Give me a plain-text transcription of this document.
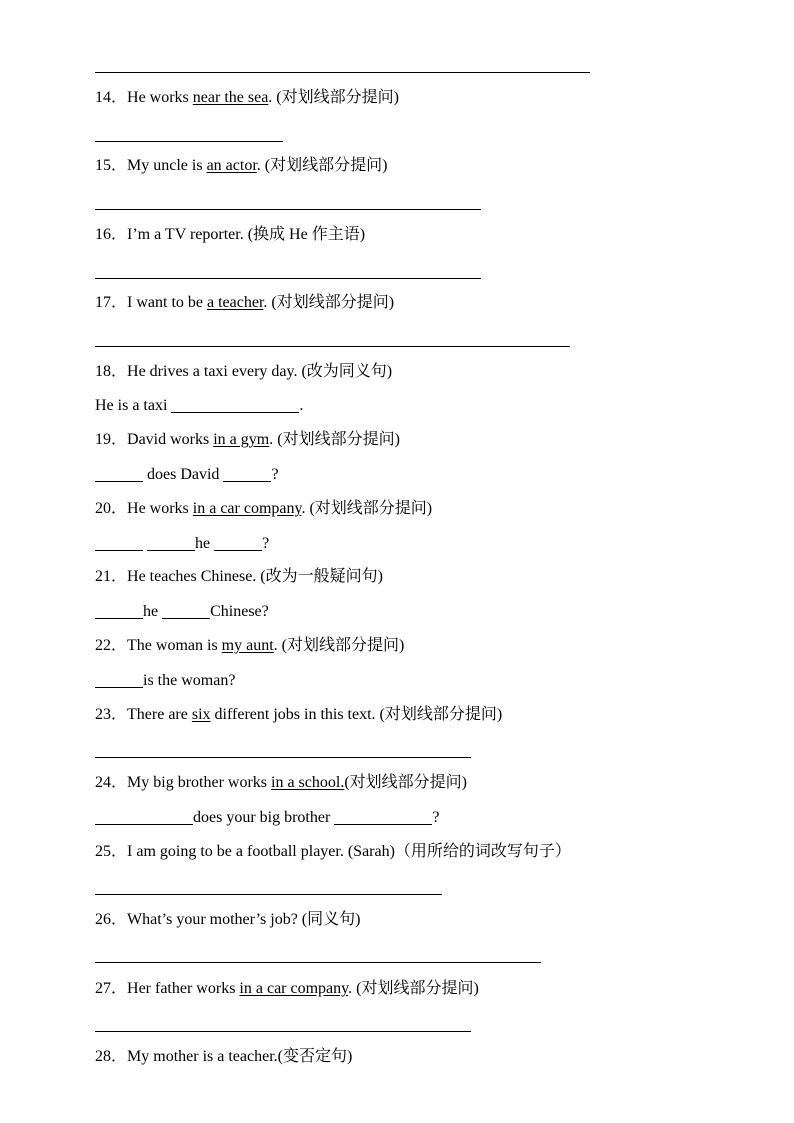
14．He works near the sea. (对划线部分提问)
15．My uncle is an actor. (对划线部分提问)
16．I’m a TV reporter. (换成 He 作主语)
17．I want to be a teacher. (对划线部分提问)
18．He drives a taxi every day. (改为同义句)
He is a taxi	.
19．David works in a gym. (对划线部分提问)
does David	?
20．He works in a car company. (对划线部分提问)
he	?
21．He teaches Chinese. (改为一般疑问句)
he	Chinese?
22．The woman is my aunt. (对划线部分提问)
is the woman?
23．There are six different jobs in this text. (对划线部分提问)
24．My big brother works in a school.(对划线部分提问)
does your big brother	?
25．I am going to be a football player. (Sarah)（用所给的词改写句子）
26．What’s your mother’s job? (同义句)
27．Her father works in a car company. (对划线部分提问)
28．My mother is a teacher.(变否定句)
